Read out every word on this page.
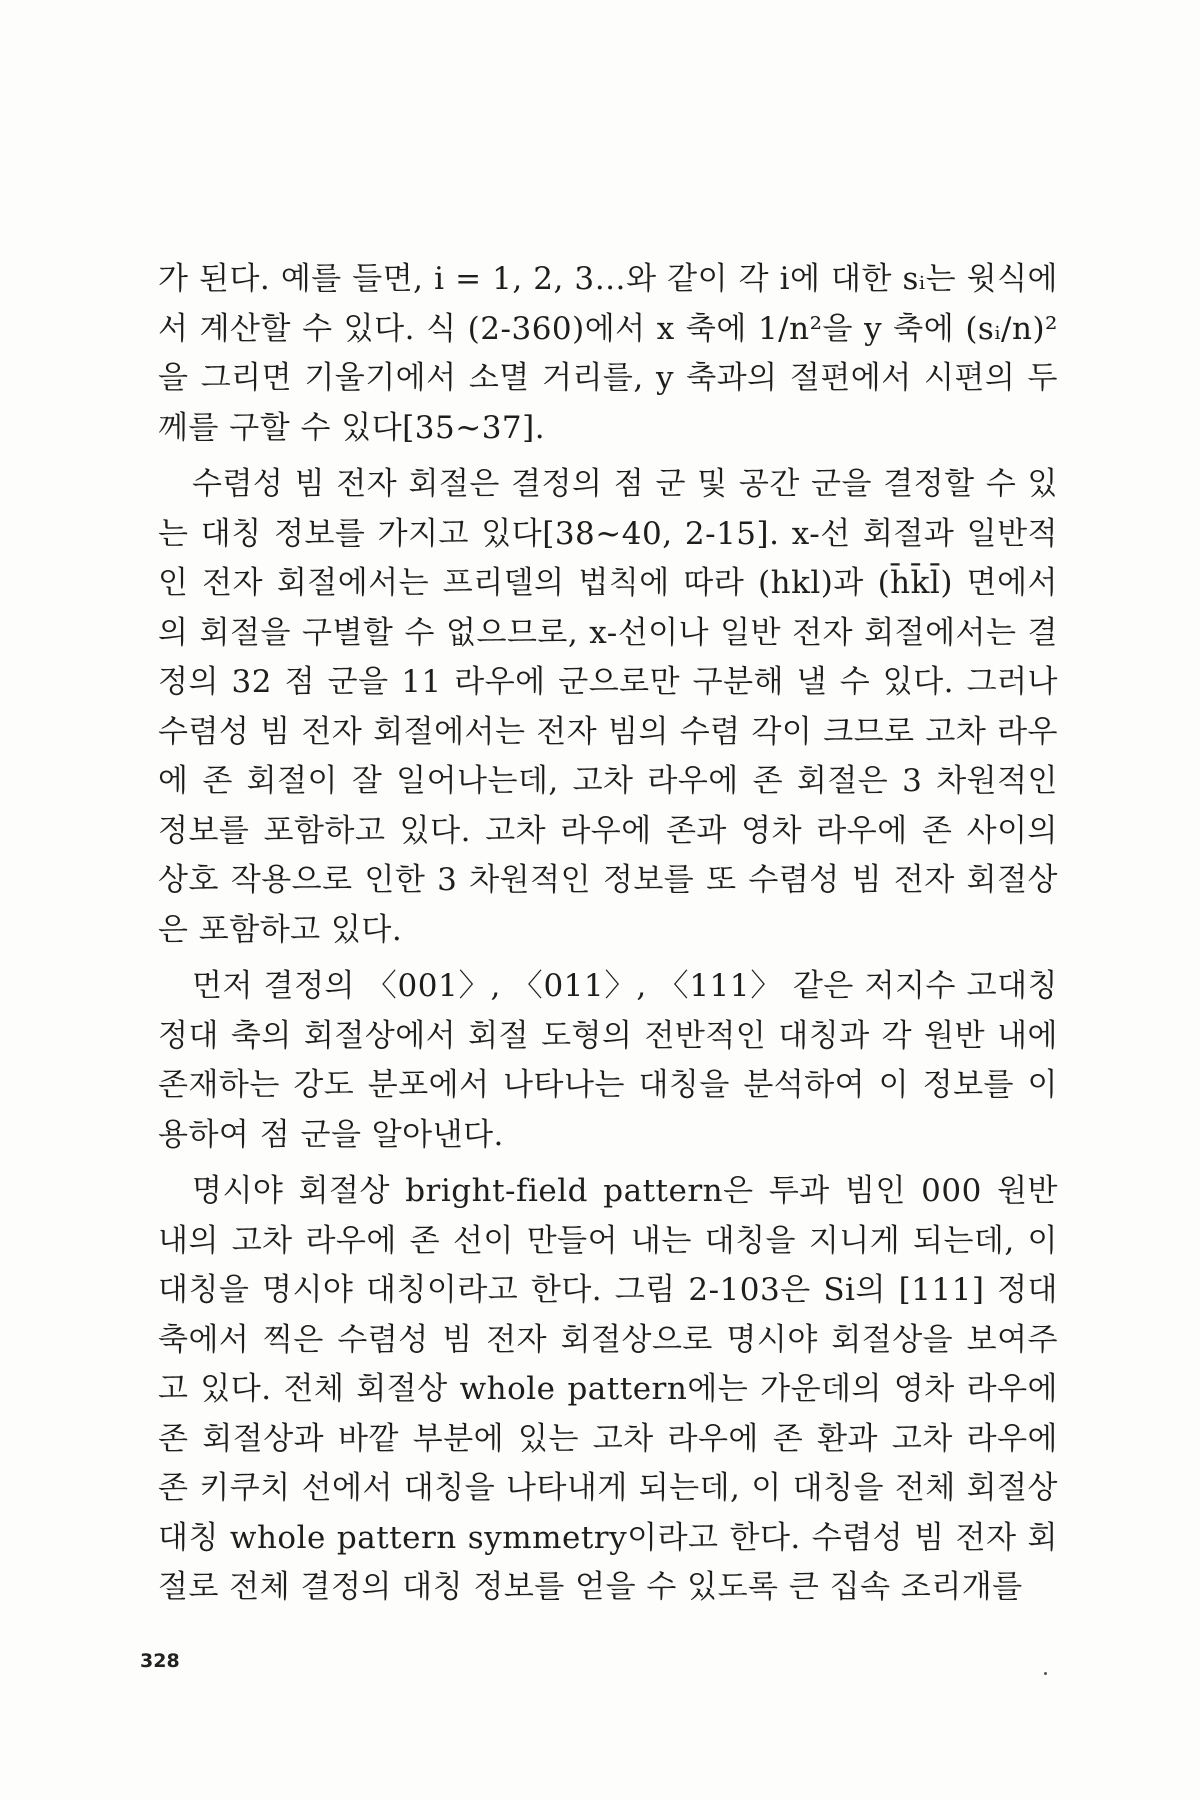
가 된다. 예를 들면, i = 1, 2, 3…와 같이 각 i에 대한 sᵢ는 윗식에서 계산할 수 있다. 식 (2-360)에서 x 축에 1/n²을 y 축에 (sᵢ/n)²을 그리면 기울기에서 소멸 거리를, y 축과의 절편에서 시편의 두께를 구할 수 있다[35~37].

수렴성 빔 전자 회절은 결정의 점 군 및 공간 군을 결정할 수 있는 대칭 정보를 가지고 있다[38~40, 2-15]. x-선 회절과 일반적인 전자 회절에서는 프리델의 법칙에 따라 (hkl)과 (h̄k̄l̄) 면에서의 회절을 구별할 수 없으므로, x-선이나 일반 전자 회절에서는 결정의 32 점 군을 11 라우에 군으로만 구분해 낼 수 있다. 그러나 수렴성 빔 전자 회절에서는 전자 빔의 수렴 각이 크므로 고차 라우에 존 회절이 잘 일어나는데, 고차 라우에 존 회절은 3 차원적인 정보를 포함하고 있다. 고차 라우에 존과 영차 라우에 존 사이의 상호 작용으로 인한 3 차원적인 정보를 또 수렴성 빔 전자 회절상은 포함하고 있다.

먼저 결정의 〈001〉, 〈011〉, 〈111〉 같은 저지수 고대칭 정대 축의 회절상에서 회절 도형의 전반적인 대칭과 각 원반 내에 존재하는 강도 분포에서 나타나는 대칭을 분석하여 이 정보를 이용하여 점 군을 알아낸다.

명시야 회절상 bright-field pattern은 투과 빔인 000 원반 내의 고차 라우에 존 선이 만들어 내는 대칭을 지니게 되는데, 이 대칭을 명시야 대칭이라고 한다. 그림 2-103은 Si의 [111] 정대 축에서 찍은 수렴성 빔 전자 회절상으로 명시야 회절상을 보여주고 있다. 전체 회절상 whole pattern에는 가운데의 영차 라우에 존 회절상과 바깥 부분에 있는 고차 라우에 존 환과 고차 라우에 존 키쿠치 선에서 대칭을 나타내게 되는데, 이 대칭을 전체 회절상 대칭 whole pattern symmetry이라고 한다. 수렴성 빔 전자 회절로 전체 결정의 대칭 정보를 얻을 수 있도록 큰 집속 조리개를

328
